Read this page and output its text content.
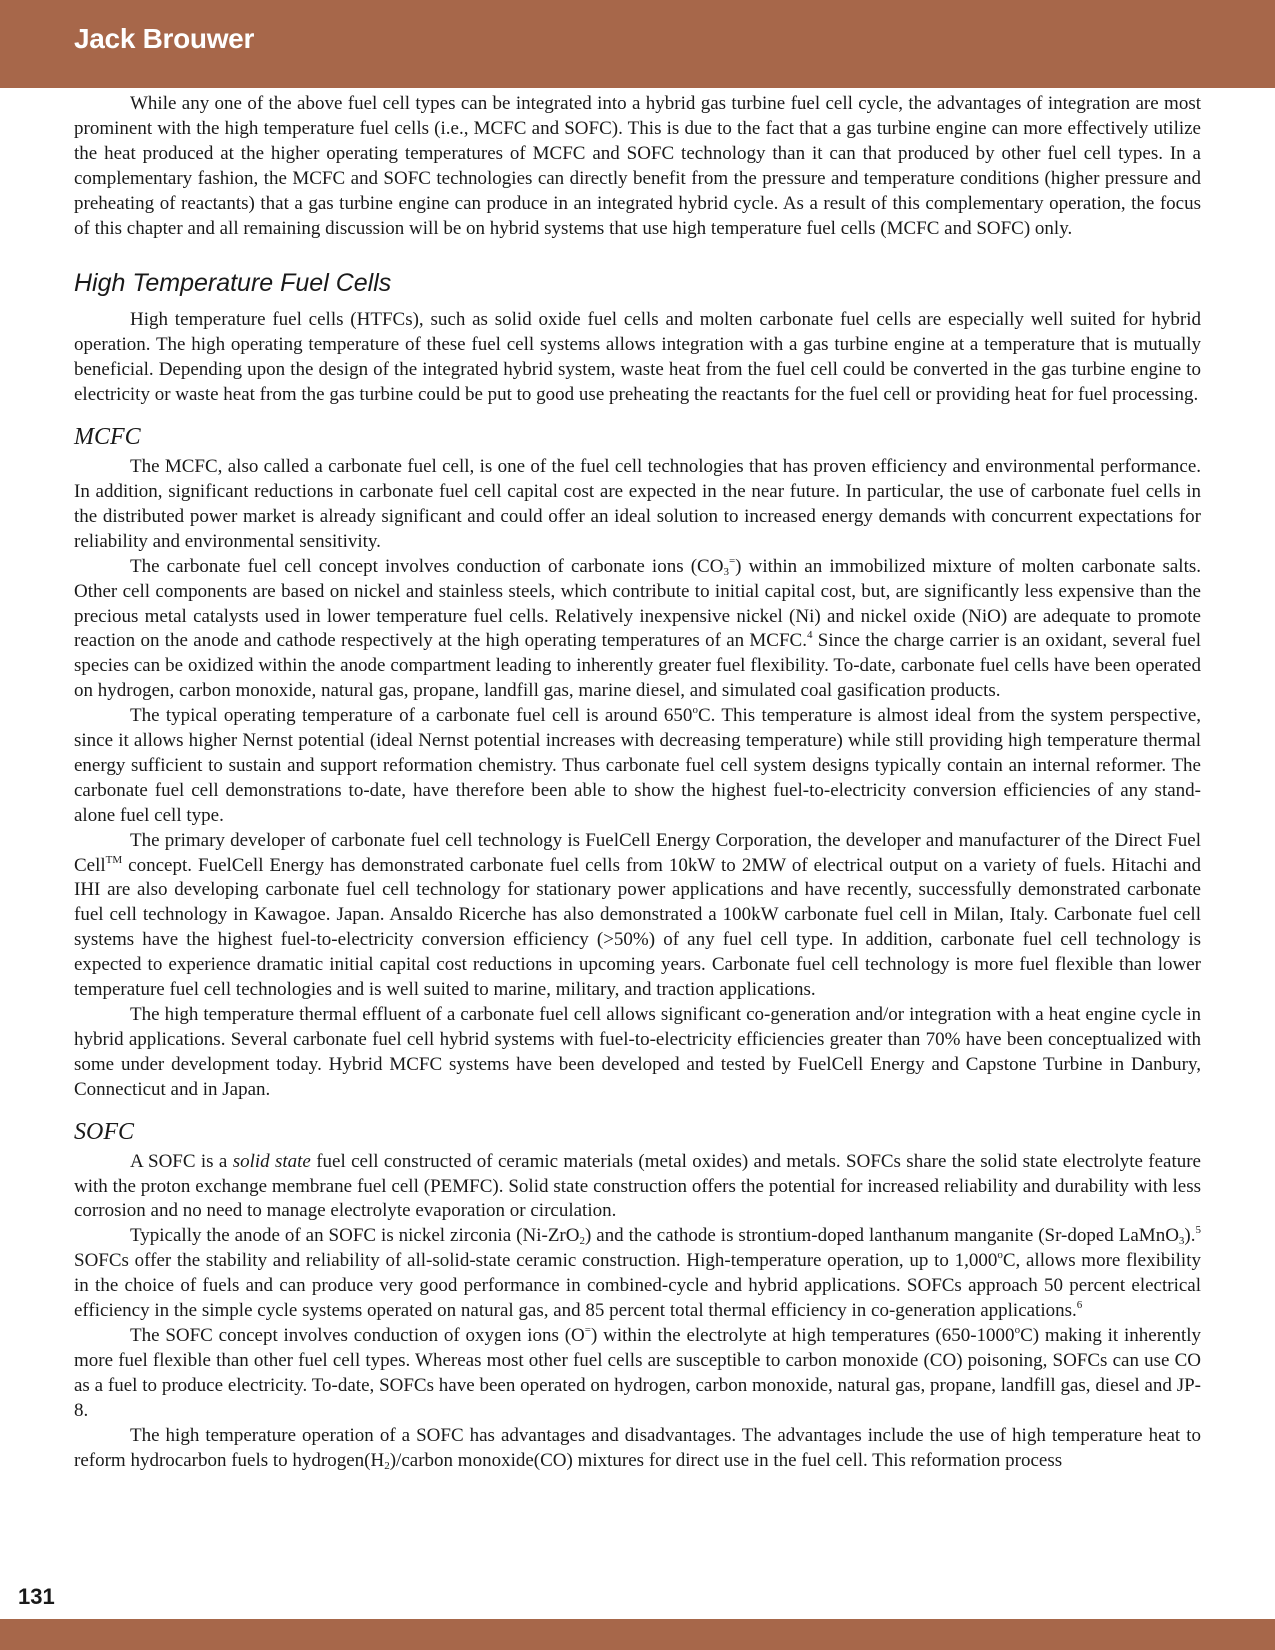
Jack Brouwer

While any one of the above fuel cell types can be integrated into a hybrid gas turbine fuel cell cycle, the advantages of integration are most prominent with the high temperature fuel cells (i.e., MCFC and SOFC). This is due to the fact that a gas turbine engine can more effectively utilize the heat produced at the higher operating temperatures of MCFC and SOFC technology than it can that produced by other fuel cell types. In a complementary fashion, the MCFC and SOFC technologies can directly benefit from the pressure and temperature conditions (higher pressure and preheating of reactants) that a gas turbine engine can produce in an integrated hybrid cycle. As a result of this complementary operation, the focus of this chapter and all remaining discussion will be on hybrid systems that use high temperature fuel cells (MCFC and SOFC) only.

High Temperature Fuel Cells

High temperature fuel cells (HTFCs), such as solid oxide fuel cells and molten carbonate fuel cells are especially well suited for hybrid operation. The high operating temperature of these fuel cell systems allows integration with a gas turbine engine at a temperature that is mutually beneficial. Depending upon the design of the integrated hybrid system, waste heat from the fuel cell could be converted in the gas turbine engine to electricity or waste heat from the gas turbine could be put to good use preheating the reactants for the fuel cell or providing heat for fuel processing.

MCFC

The MCFC, also called a carbonate fuel cell, is one of the fuel cell technologies that has proven efficiency and environmental performance. In addition, significant reductions in carbonate fuel cell capital cost are expected in the near future. In particular, the use of carbonate fuel cells in the distributed power market is already significant and could offer an ideal solution to increased energy demands with concurrent expectations for reliability and environmental sensitivity.

The carbonate fuel cell concept involves conduction of carbonate ions $(CO_3^=)$ within an immobilized mixture of molten carbonate salts. Other cell components are based on nickel and stainless steels, which contribute to initial capital cost, but, are significantly less expensive than the precious metal catalysts used in lower temperature fuel cells. Relatively inexpensive nickel (Ni) and nickel oxide (NiO) are adequate to promote reaction on the anode and cathode respectively at the high operating temperatures of an MCFC.$^4$ Since the charge carrier is an oxidant, several fuel species can be oxidized within the anode compartment leading to inherently greater fuel flexibility. To-date, carbonate fuel cells have been operated on hydrogen, carbon monoxide, natural gas, propane, landfill gas, marine diesel, and simulated coal gasification products.

The typical operating temperature of a carbonate fuel cell is around 650$^o$C. This temperature is almost ideal from the system perspective, since it allows higher Nernst potential (ideal Nernst potential increases with decreasing temperature) while still providing high temperature thermal energy sufficient to sustain and support reformation chemistry. Thus carbonate fuel cell system designs typically contain an internal reformer. The carbonate fuel cell demonstrations to-date, have therefore been able to show the highest fuel-to-electricity conversion efficiencies of any stand-alone fuel cell type.

The primary developer of carbonate fuel cell technology is FuelCell Energy Corporation, the developer and manufacturer of the Direct Fuel Cell™ concept. FuelCell Energy has demonstrated carbonate fuel cells from 10kW to 2MW of electrical output on a variety of fuels. Hitachi and IHI are also developing carbonate fuel cell technology for stationary power applications and have recently, successfully demonstrated carbonate fuel cell technology in Kawagoe. Japan. Ansaldo Ricerche has also demonstrated a 100kW carbonate fuel cell in Milan, Italy. Carbonate fuel cell systems have the highest fuel-to-electricity conversion efficiency (>50%) of any fuel cell type. In addition, carbonate fuel cell technology is expected to experience dramatic initial capital cost reductions in upcoming years. Carbonate fuel cell technology is more fuel flexible than lower temperature fuel cell technologies and is well suited to marine, military, and traction applications.

The high temperature thermal effluent of a carbonate fuel cell allows significant co-generation and/or integration with a heat engine cycle in hybrid applications. Several carbonate fuel cell hybrid systems with fuel-to-electricity efficiencies greater than 70% have been conceptualized with some under development today. Hybrid MCFC systems have been developed and tested by FuelCell Energy and Capstone Turbine in Danbury, Connecticut and in Japan.

SOFC

A SOFC is a solid state fuel cell constructed of ceramic materials (metal oxides) and metals. SOFCs share the solid state electrolyte feature with the proton exchange membrane fuel cell (PEMFC). Solid state construction offers the potential for increased reliability and durability with less corrosion and no need to manage electrolyte evaporation or circulation.

Typically the anode of an SOFC is nickel zirconia (Ni-ZrO$_2$) and the cathode is strontium-doped lanthanum manganite (Sr-doped LaMnO$_3$).$^5$ SOFCs offer the stability and reliability of all-solid-state ceramic construction. High-temperature operation, up to 1,000$^o$C, allows more flexibility in the choice of fuels and can produce very good performance in combined-cycle and hybrid applications. SOFCs approach 50 percent electrical efficiency in the simple cycle systems operated on natural gas, and 85 percent total thermal efficiency in co-generation applications.$^6$

The SOFC concept involves conduction of oxygen ions (O=) within the electrolyte at high temperatures (650-1000$^o$C) making it inherently more fuel flexible than other fuel cell types. Whereas most other fuel cells are susceptible to carbon monoxide (CO) poisoning, SOFCs can use CO as a fuel to produce electricity. To-date, SOFCs have been operated on hydrogen, carbon monoxide, natural gas, propane, landfill gas, diesel and JP-8.

The high temperature operation of a SOFC has advantages and disadvantages. The advantages include the use of high temperature heat to reform hydrocarbon fuels to $hydrogen(H_2)$/carbon monoxide(CO) mixtures for direct use in the fuel cell. This reformation process

131
